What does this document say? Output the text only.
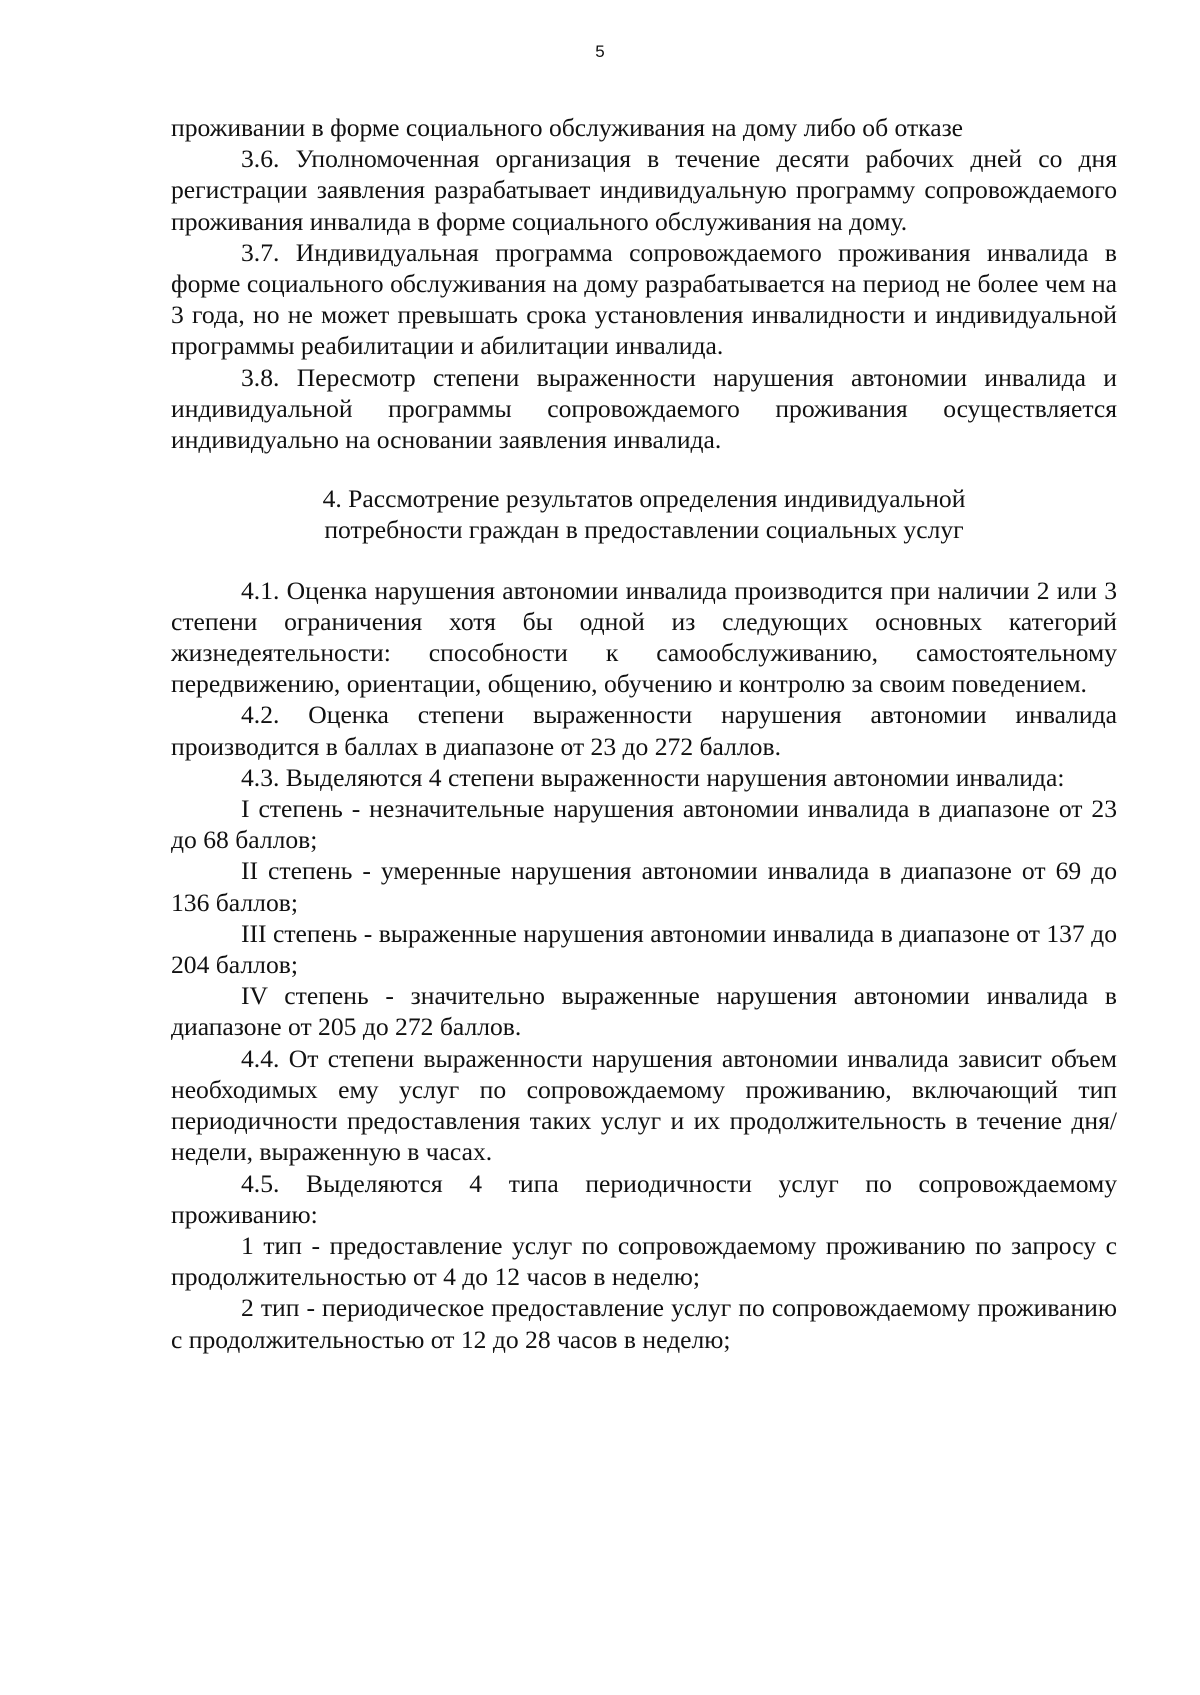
5

проживании в форме социального обслуживания на дому либо об отказе

3.6. Уполномоченная организация в течение десяти рабочих дней со дня регистрации заявления разрабатывает индивидуальную программу сопровождаемого проживания инвалида в форме социального обслуживания на дому.

3.7. Индивидуальная программа сопровождаемого проживания инвалида в форме социального обслуживания на дому разрабатывается на период не более чем на 3 года, но не может превышать срока установления инвалидности и индивидуальной программы реабилитации и абилитации инвалида.

3.8. Пересмотр степени выраженности нарушения автономии инвалида и индивидуальной программы сопровождаемого проживания осуществляется индивидуально на основании заявления инвалида.

4. Рассмотрение результатов определения индивидуальной
потребности граждан в предоставлении социальных услуг

4.1. Оценка нарушения автономии инвалида производится при наличии 2 или 3 степени ограничения хотя бы одной из следующих основных категорий жизнедеятельности: способности к самообслуживанию, самостоятельному передвижению, ориентации, общению, обучению и контролю за своим поведением.

4.2. Оценка степени выраженности нарушения автономии инвалида производится в баллах в диапазоне от 23 до 272 баллов.

4.3. Выделяются 4 степени выраженности нарушения автономии инвалида:

I степень - незначительные нарушения автономии инвалида в диапазоне от 23 до 68 баллов;

II степень - умеренные нарушения автономии инвалида в диапазоне от 69 до 136 баллов;

III степень - выраженные нарушения автономии инвалида в диапазоне от 137 до 204 баллов;

IV степень - значительно выраженные нарушения автономии инвалида в диапазоне от 205 до 272 баллов.

4.4. От степени выраженности нарушения автономии инвалида зависит объем необходимых ему услуг по сопровождаемому проживанию, включающий тип периодичности предоставления таких услуг и их продолжительность в течение дня/недели, выраженную в часах.

4.5. Выделяются 4 типа периодичности услуг по сопровождаемому проживанию:

1 тип - предоставление услуг по сопровождаемому проживанию по запросу с продолжительностью от 4 до 12 часов в неделю;

2 тип - периодическое предоставление услуг по сопровождаемому проживанию с продолжительностью от 12 до 28 часов в неделю;
